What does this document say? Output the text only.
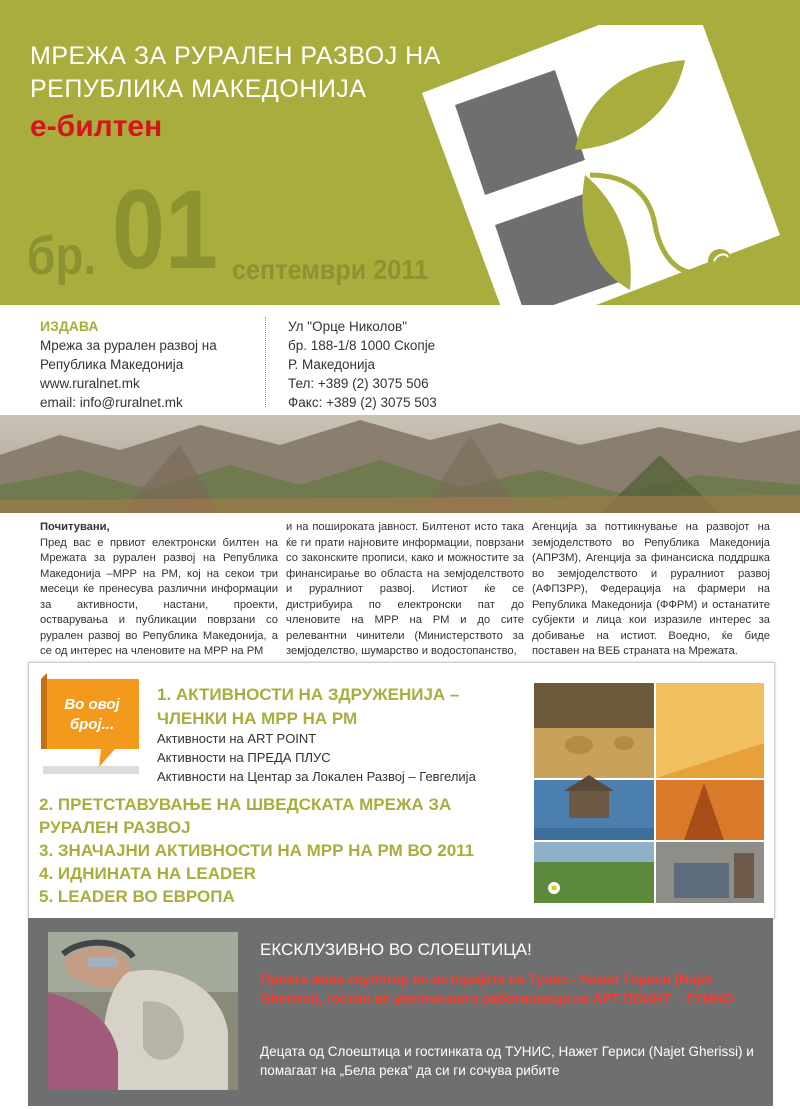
МРЕЖА ЗА РУРАЛЕН РАЗВОЈ НА
РЕПУБЛИКА МАКЕДОНИЈА
е-билтен
01
бр.	септември 2011
ИЗДАВА
Мрежа за рурален развој на
Република Македонија
www.ruralnet.mk
email: info@ruralnet.mk
Ул "Орце Николов"
бр. 188-1/8 1000 Скопје
Р. Македонија
Тел: +389 (2) 3075 506
Факс: +389 (2) 3075 503
Почитувани,
Пред вас е првиот електронски билтен на Мрежата за рурален развој на Република Македонија –МРР на РМ, кој на секои три месеци ќе пренесува различни информации за активности, настани, проекти, остварувања и публикации поврзани со рурален развој во Република Македонија, а се од интерес на членовите на МРР на РМ
и на пошироката јавност. Билтенот исто така ќе ги прати најновите информации, поврзани со законските прописи, како и можностите за финансирање во областа на земјоделството и руралниот развој. Истиот ќе се дистрибуира по електронски пат до членовите на МРР на РМ и до сите релевантни чинители (Министерството за земјоделство, шумарство и водостопанство,
Агенција за поттикнување на развојот на земјоделството во Република Македонија (АПРЗМ), Агенција за финансиска поддршка во земјоделството и руралниот развој (АФПЗРР), Федерација на фармери на Република Македонија (ФФРМ) и останатите субјекти и лица кои изразиле интерес за добивање на истиот. Воедно, ќе биде поставен на ВЕБ страната на Мрежата.
Во овој
број...
1. АКТИВНОСТИ НА ЗДРУЖЕНИЈА –
ЧЛЕНКИ НА МРР НА РМ
Активности на ART POINT
Активности на ПРЕДА ПЛУС
Активности на Центар за Локален Развој – Гевгелија
2. ПРЕТСТАВУВАЊЕ НА ШВЕДСКАТА МРЕЖА ЗА РУРАЛЕН РАЗВОЈ
3. ЗНАЧАЈНИ АКТИВНОСТИ НА МРР НА РМ ВО 2011
4. ИДНИНАТА НА LEADER
5. LEADER ВО ЕВРОПА
ЕКСКЛУЗИВНО ВО СЛОЕШТИЦА!
Првата жена скулптор во историјата на Тунис - Нажет Гериси (Najet Gherissi), гостин во уметничката работилница на АРТ ПОИНТ – ГУМНО
Децата од Слоештица и гостинката од ТУНИС, Нажет Гериси (Najet Gherissi) и помагаат на „Бела река“ да си ги сочува рибите
